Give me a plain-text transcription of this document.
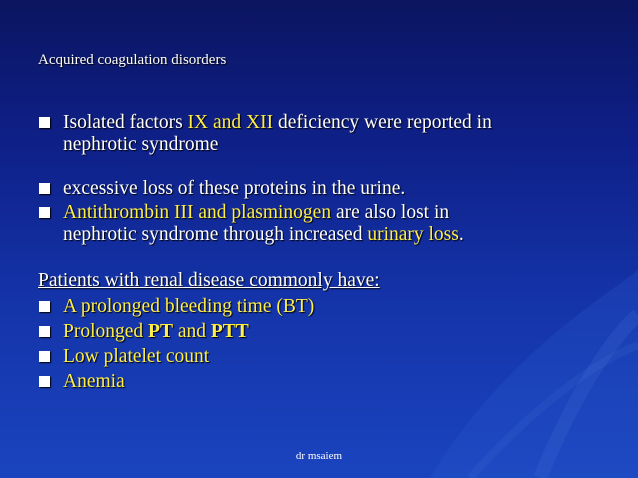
Acquired coagulation disorders
Isolated factors IX and XII deficiency were reported in
nephrotic syndrome
excessive loss of these proteins in the urine.
Antithrombin III and plasminogen are also lost in
nephrotic syndrome through increased urinary loss.
Patients with renal disease commonly have:
A prolonged bleeding time (BT)
Prolonged PT and PTT
Low platelet count
Anemia
dr msaiem
